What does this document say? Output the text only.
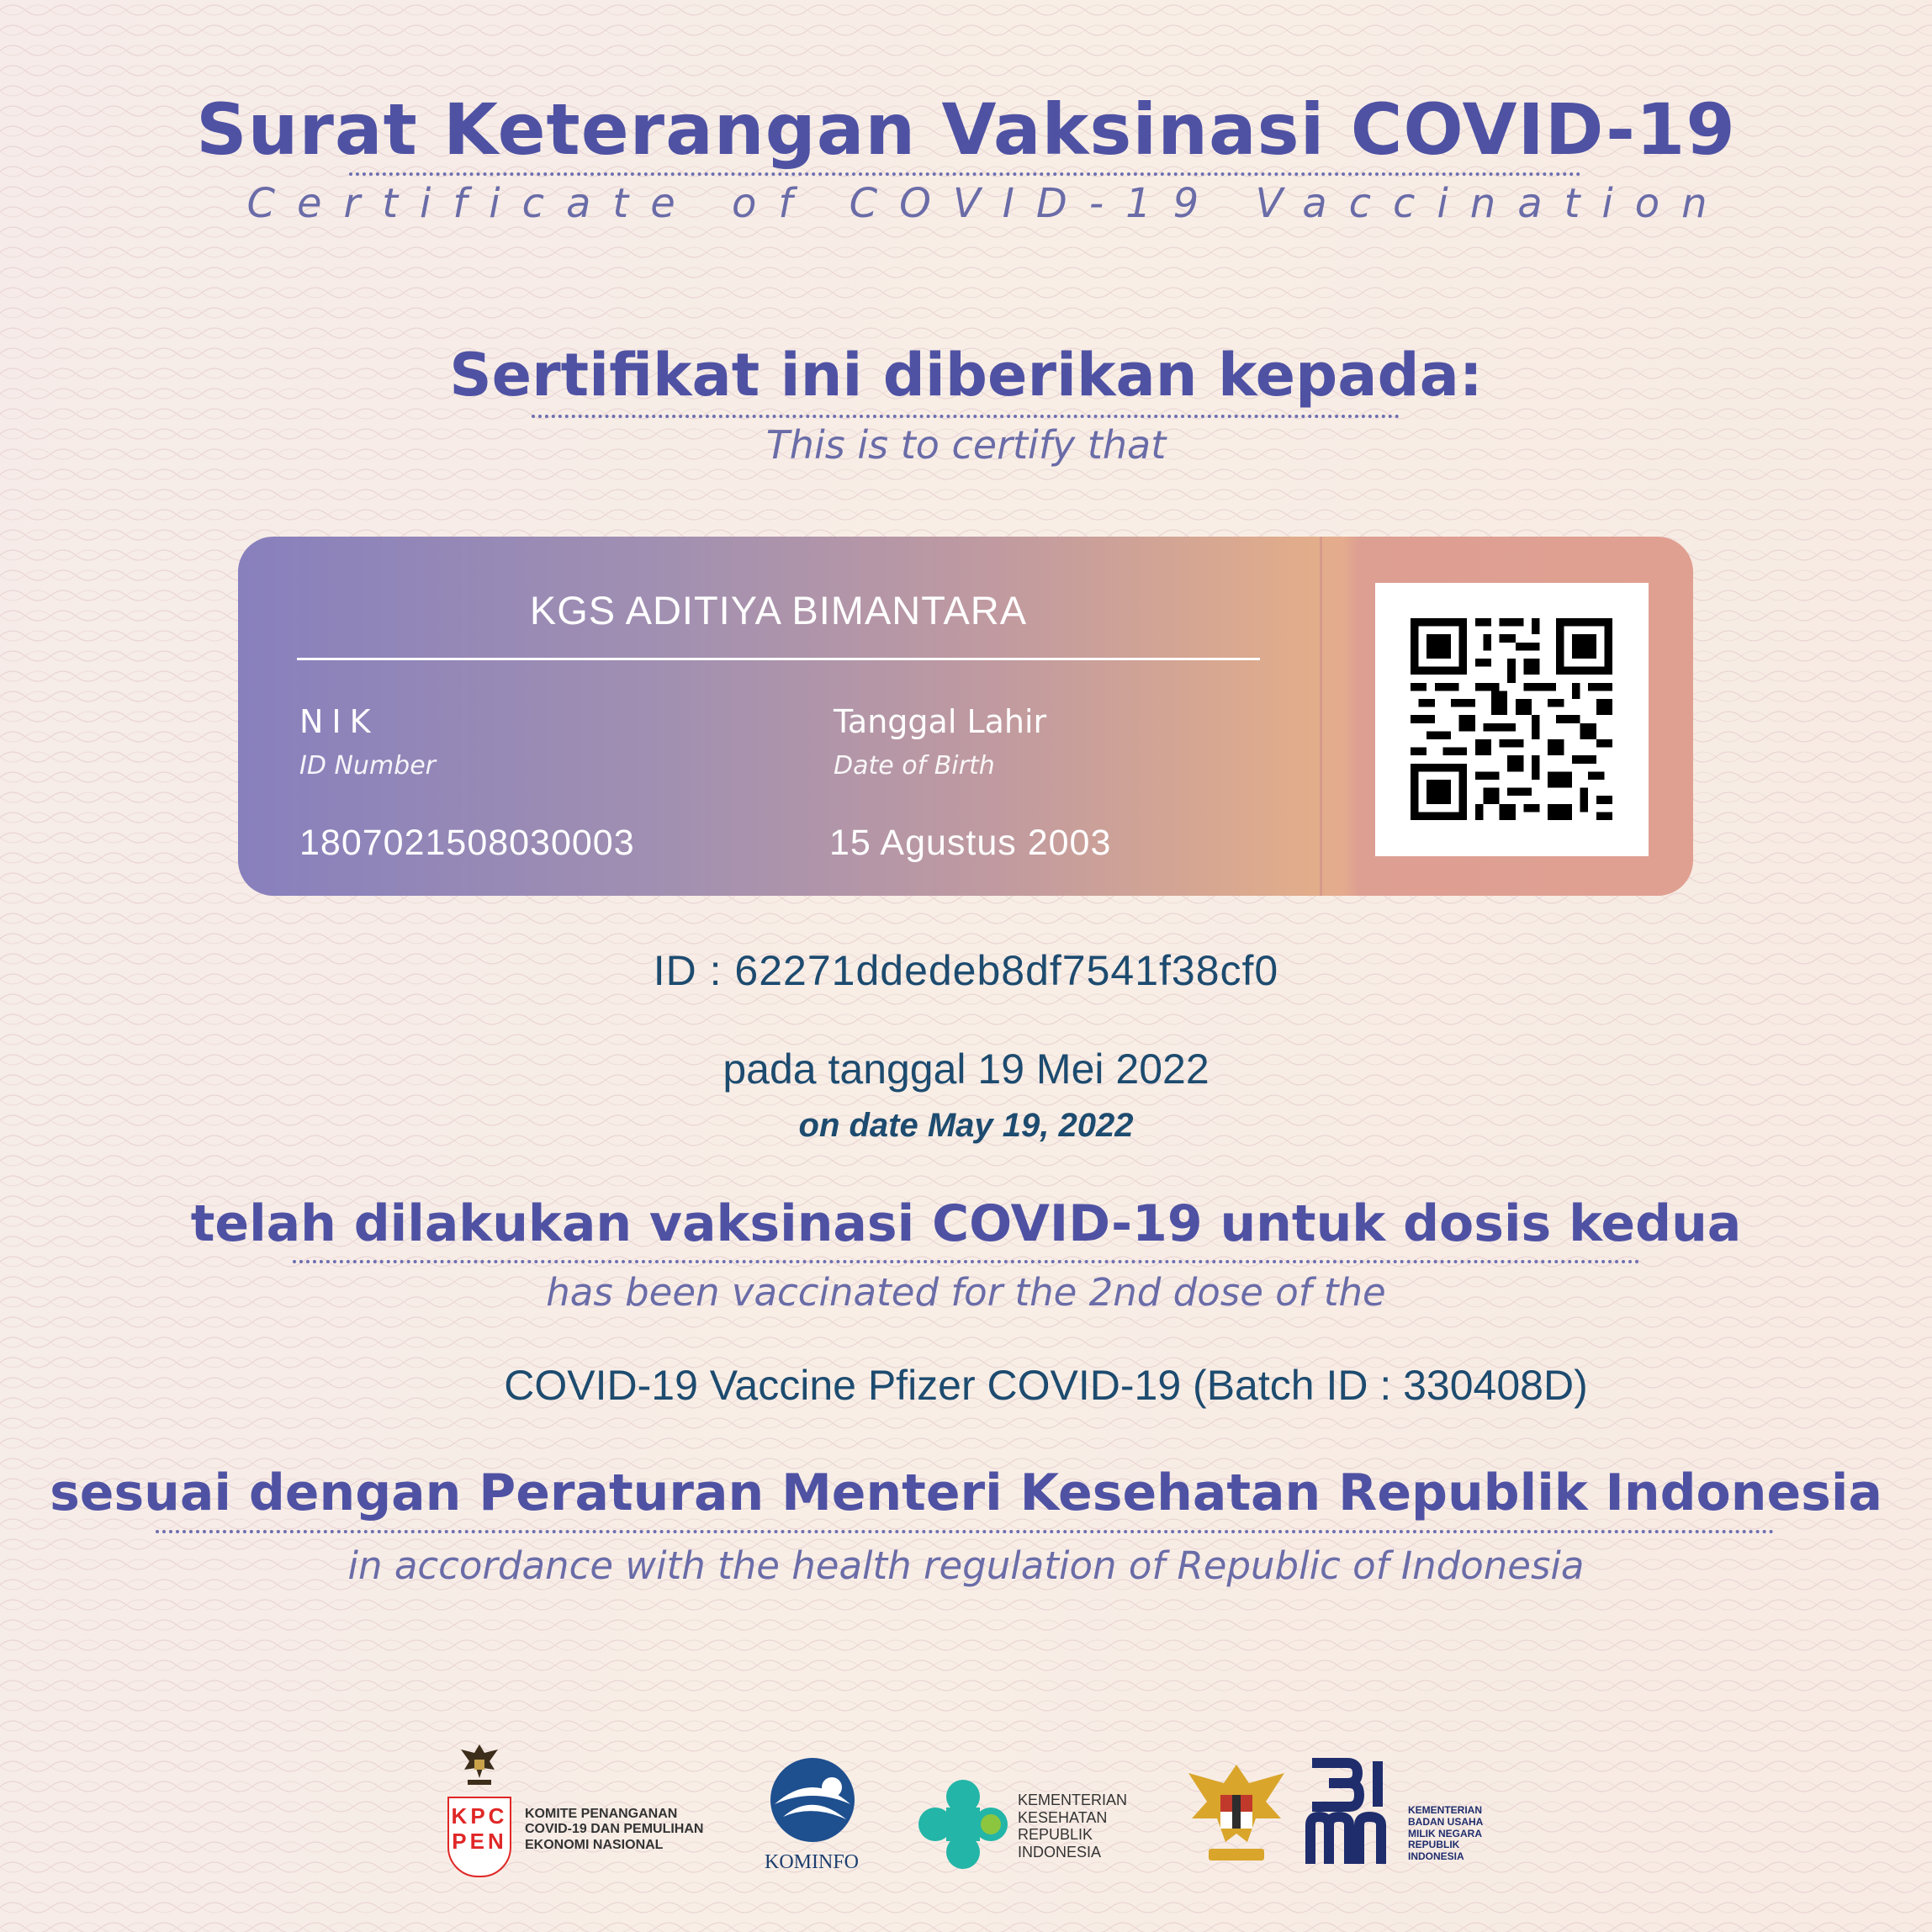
Surat Keterangan Vaksinasi COVID-19
Certificate of COVID-19 Vaccination
Sertifikat ini diberikan kepada:
This is to certify that
KGS ADITIYA BIMANTARA
NIK
ID Number
1807021508030003
Tanggal Lahir
Date of Birth
15 Agustus 2003
ID : 62271ddedeb8df7541f38cf0
pada tanggal 19 Mei 2022
on date May 19, 2022
telah dilakukan vaksinasi COVID-19 untuk dosis kedua
has been vaccinated for the 2nd dose of the
COVID-19 Vaccine Pfizer COVID-19 (Batch ID : 330408D)
sesuai dengan Peraturan Menteri Kesehatan Republik Indonesia
in accordance with the health regulation of Republic of Indonesia
KPC PEN
KOMITE PENANGANAN
COVID-19 DAN PEMULIHAN
EKONOMI NASIONAL
KOMINFO
KEMENTERIAN
KESEHATAN
REPUBLIK
INDONESIA
KEMENTERIAN
BADAN USAHA
MILIK NEGARA
REPUBLIK
INDONESIA
